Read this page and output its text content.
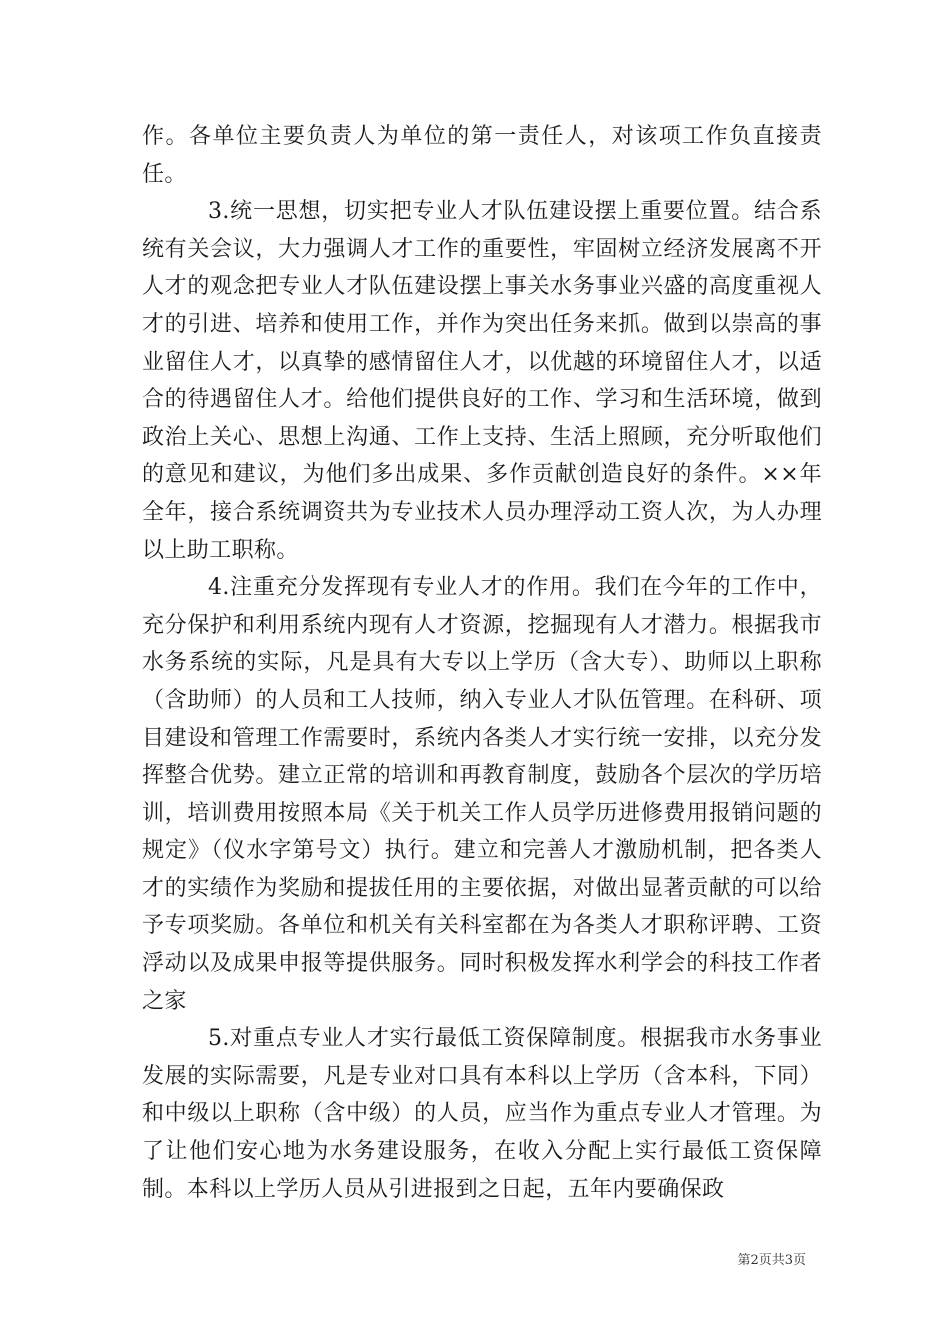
作。各单位主要负责人为单位的第一责任人，对该项工作负直接责任。

3.统一思想，切实把专业人才队伍建设摆上重要位置。结合系统有关会议，大力强调人才工作的重要性，牢固树立经济发展离不开人才的观念把专业人才队伍建设摆上事关水务事业兴盛的高度重视人才的引进、培养和使用工作，并作为突出任务来抓。做到以崇高的事业留住人才，以真挚的感情留住人才，以优越的环境留住人才，以适合的待遇留住人才。给他们提供良好的工作、学习和生活环境，做到政治上关心、思想上沟通、工作上支持、生活上照顾，充分听取他们的意见和建议，为他们多出成果、多作贡献创造良好的条件。××年全年，接合系统调资共为专业技术人员办理浮动工资人次，为人办理以上助工职称。

4.注重充分发挥现有专业人才的作用。我们在今年的工作中，充分保护和利用系统内现有人才资源，挖掘现有人才潜力。根据我市水务系统的实际，凡是具有大专以上学历（含大专）、助师以上职称（含助师）的人员和工人技师，纳入专业人才队伍管理。在科研、项目建设和管理工作需要时，系统内各类人才实行统一安排，以充分发挥整合优势。建立正常的培训和再教育制度，鼓励各个层次的学历培训，培训费用按照本局《关于机关工作人员学历进修费用报销问题的规定》（仪水字第号文）执行。建立和完善人才激励机制，把各类人才的实绩作为奖励和提拔任用的主要依据，对做出显著贡献的可以给予专项奖励。各单位和机关有关科室都在为各类人才职称评聘、工资浮动以及成果申报等提供服务。同时积极发挥水利学会的科技工作者之家

5.对重点专业人才实行最低工资保障制度。根据我市水务事业发展的实际需要，凡是专业对口具有本科以上学历（含本科，下同）和中级以上职称（含中级）的人员，应当作为重点专业人才管理。为了让他们安心地为水务建设服务，在收入分配上实行最低工资保障制。本科以上学历人员从引进报到之日起，五年内要确保政

第2页共3页
